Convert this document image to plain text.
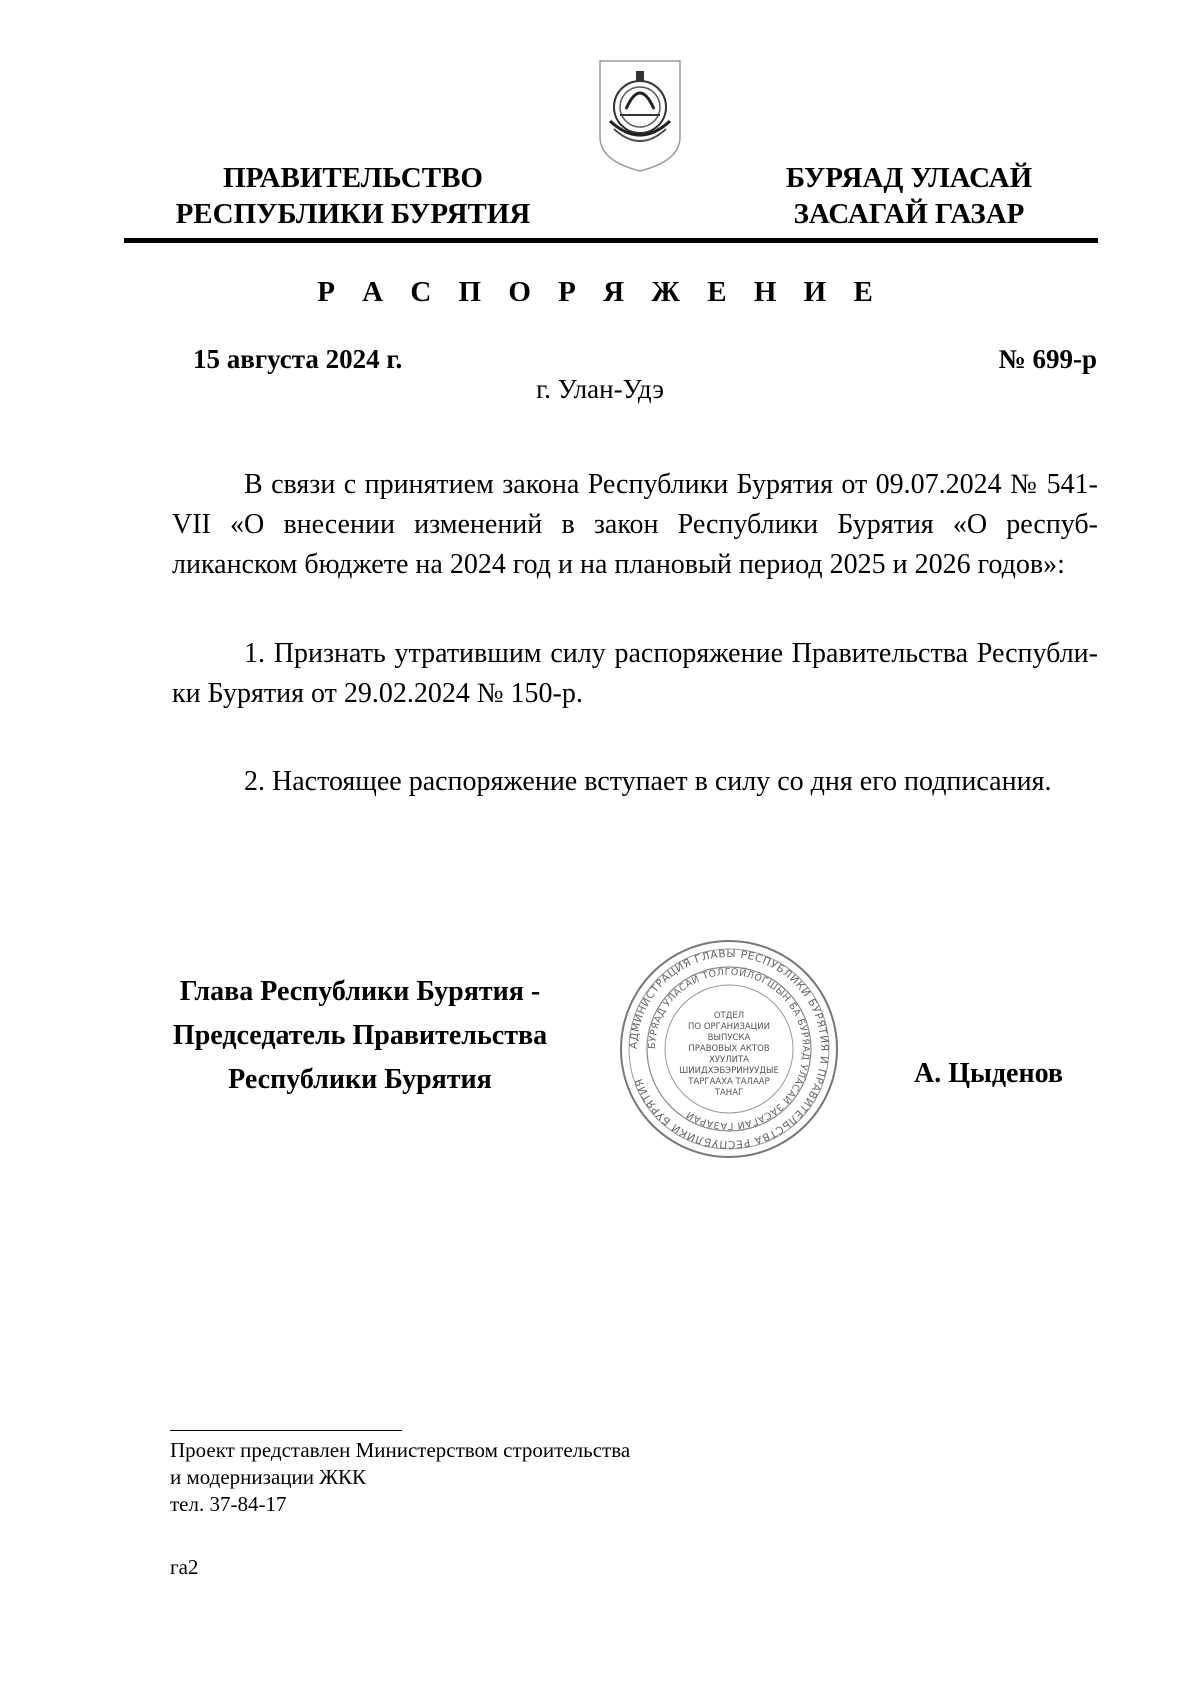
ПРАВИТЕЛЬСТВО
РЕСПУБЛИКИ БУРЯТИЯ
БУРЯАД УЛАСАЙ
ЗАСАГАЙ ГАЗАР
Р А С П О Р Я Ж Е Н И Е
15 августа 2024 г.	№ 699-р
г. Улан-Удэ
В связи с принятием закона Республики Бурятия от 09.07.2024 № 541-VII «О внесении изменений в закон Республики Бурятия «О респуб-ликанском бюджете на 2024 год и на плановый период 2025 и 2026 годов»:
1. Признать утратившим силу распоряжение Правительства Республи-ки Бурятия от 29.02.2024 № 150-р.
2. Настоящее распоряжение вступает в силу со дня его подписания.
Глава Республики Бурятия -
Председатель Правительства
Республики Бурятия
АДМИНИСТРАЦИЯ ГЛАВЫ РЕСПУБЛИКИ БУРЯТИЯ И ПРАВИТЕЛЬСТВА РЕСПУБЛИКИ БУРЯТИЯ
БУРЯАД УЛАСАЙ ТОЛГОЙЛОГШЫН БА БУРЯАД УЛАСАЙ ЗАСАГАЙ ГАЗАРАЙ
ОТДЕЛ
ПО ОРГАНИЗАЦИИ
ВЫПУСКА
ПРАВОВЫХ АКТОВ
ХУУЛИТА
ШИИДХЭБЭРИНУУДЫЕ
ТАРГААХА ТАЛААР
ТАНАГ
А. Цыденов
Проект представлен Министерством строительства
и модернизации ЖКК
тел. 37-84-17
га2
